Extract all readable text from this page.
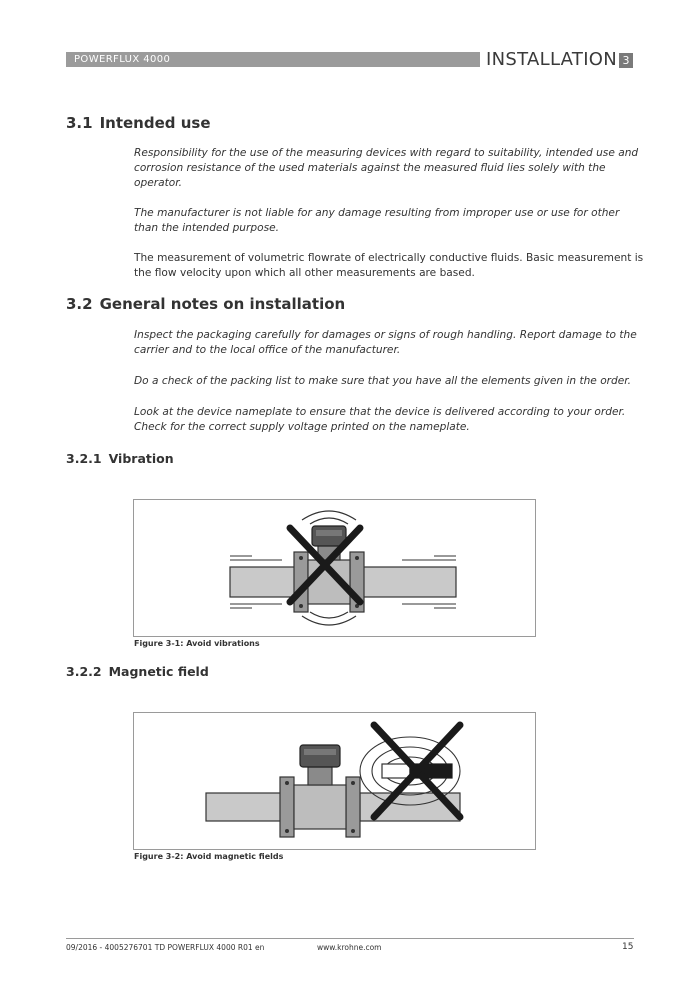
POWERFLUX 4000	INSTALLATION 3
3.1 Intended use

Responsibility for the use of the measuring devices with regard to suitability, intended use and corrosion resistance of the used materials against the measured fluid lies solely with the operator.

The manufacturer is not liable for any damage resulting from improper use or use for other than the intended purpose.

The measurement of volumetric flowrate of electrically conductive fluids. Basic measurement is the flow velocity upon which all other measurements are based.

3.2 General notes on installation

Inspect the packaging carefully for damages or signs of rough handling. Report damage to the carrier and to the local office of the manufacturer.

Do a check of the packing list to make sure that you have all the elements given in the order.

Look at the device nameplate to ensure that the device is delivered according to your order. Check for the correct supply voltage printed on the nameplate.

3.2.1 Vibration
Figure 3-1: Avoid vibrations
3.2.2 Magnetic field
Figure 3-2: Avoid magnetic fields
09/2016 - 4005276701 TD POWERFLUX 4000 R01 en	www.krohne.com	15
